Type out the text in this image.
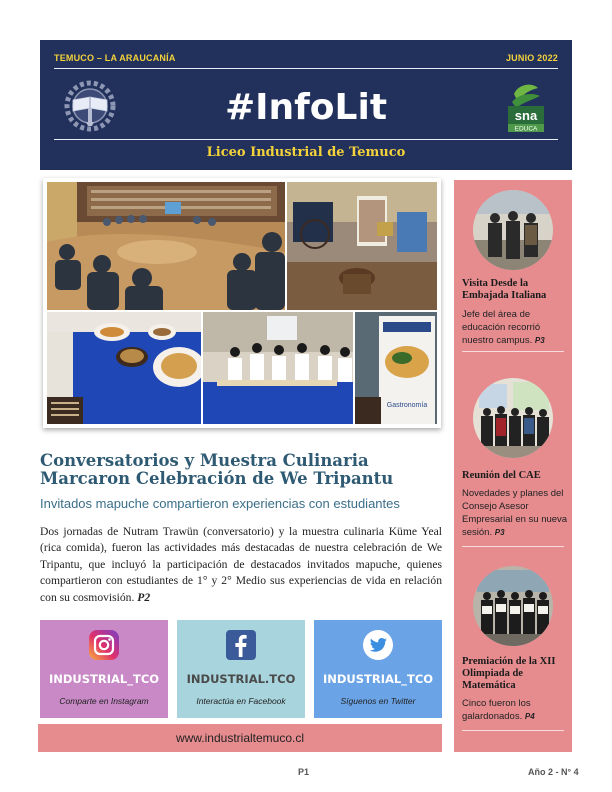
TEMUCO – LA ARAUCANÍA	JUNIO 2022
#InfoLit	sna
EDUCA
Liceo Industrial de Temuco
Gastronomía
Conversatorios y Muestra Culinaria Marcaron Celebración de We Tripantu
Invitados mapuche compartieron experiencias con estudiantes
Dos jornadas de Nutram Trawün (conversatorio) y la muestra culinaria Küme Yeal (rica comida), fueron las actividades más destacadas de nuestra celebración de We Tripantu, que incluyó la participación de destacados invitados mapuche, quienes compartieron con estudiantes de 1° y 2° Medio sus experiencias de vida en relación con su cosmovisión. P2
INDUSTRIAL_TCO
Comparte en Instagram
INDUSTRIAL.TCO
Interactúa en Facebook
INDUSTRIAL_TCO
Síguenos en Twitter
www.industrialtemuco.cl
Visita Desde la Embajada Italiana
Jefe del área de educación recorrió nuestro campus. P3
Reunión del CAE
Novedades y planes del Consejo Asesor Empresarial en su nueva sesión. P3
Premiación de la XII Olimpiada de Matemática
Cinco fueron los galardonados. P4
P1	Año 2 - N° 4
